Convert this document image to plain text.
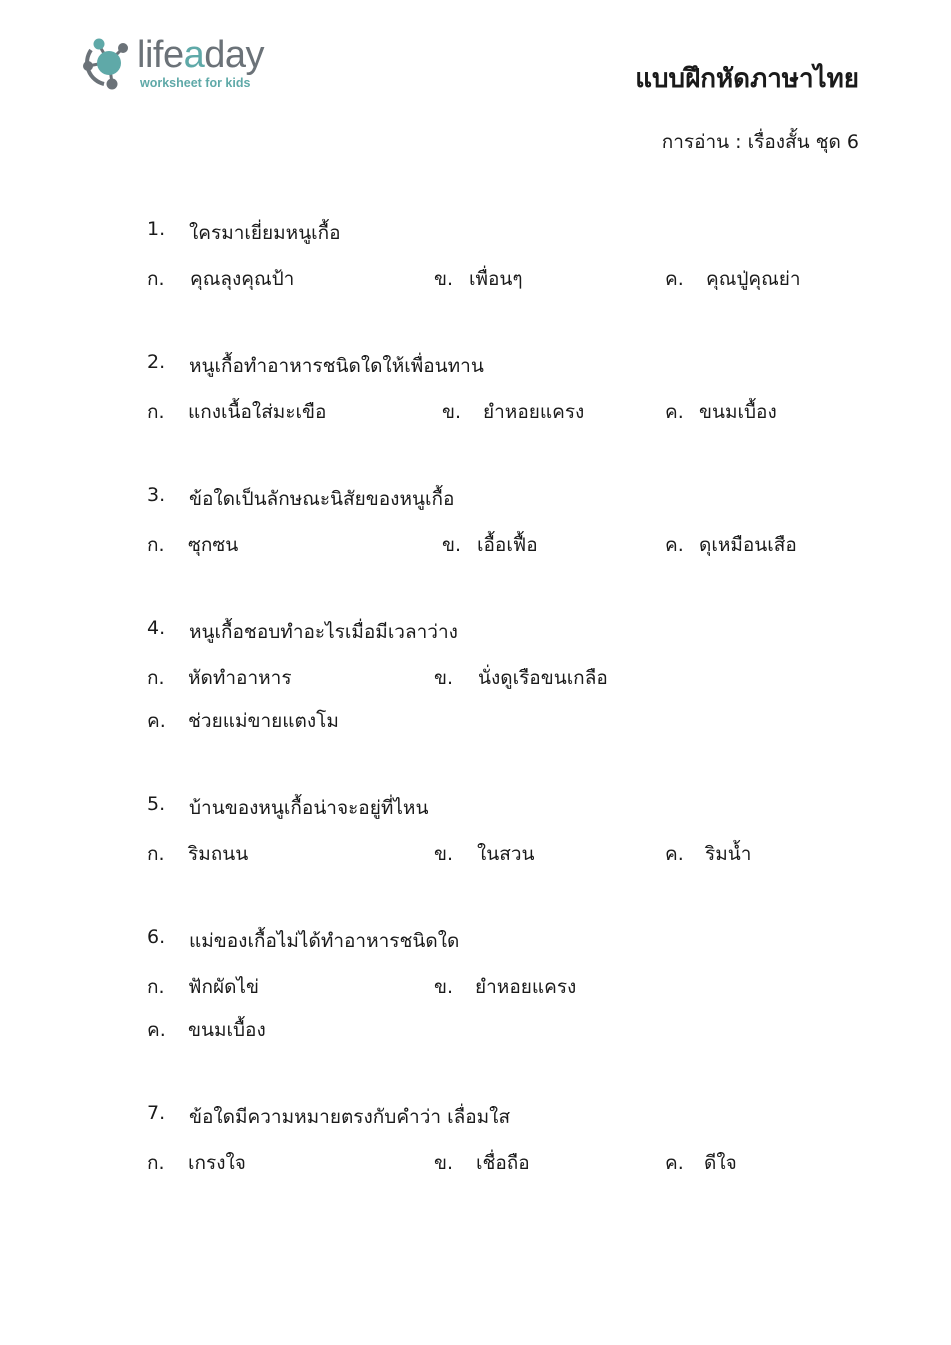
lifeaday
worksheet for kids	แบบฝึกหัดภาษาไทย
การอ่าน : เรื่องสั้น ชุด 6
1. ใครมาเยี่ยมหนูเกื้อ
ก. คุณลุงคุณป้า	ข. เพื่อนๆ	ค. คุณปู่คุณย่า
2. หนูเกื้อทำอาหารชนิดใดให้เพื่อนทาน
ก. แกงเนื้อใส่มะเขือ	ข. ยำหอยแครง	ค. ขนมเบื้อง
3. ข้อใดเป็นลักษณะนิสัยของหนูเกื้อ
ก. ซุกซน	ข. เอื้อเฟื้อ	ค. ดุเหมือนเสือ
4. หนูเกื้อชอบทำอะไรเมื่อมีเวลาว่าง
ก. หัดทำอาหาร	ข. นั่งดูเรือขนเกลือ
ค. ช่วยแม่ขายแตงโม
5. บ้านของหนูเกื้อน่าจะอยู่ที่ไหน
ก. ริมถนน	ข. ในสวน	ค. ริมน้ำ
6. แม่ของเกื้อไม่ได้ทำอาหารชนิดใด
ก. ฟักผัดไข่	ข. ยำหอยแครง
ค. ขนมเบื้อง
7. ข้อใดมีความหมายตรงกับคำว่า เลื่อมใส
ก. เกรงใจ	ข. เชื่อถือ	ค. ดีใจ
